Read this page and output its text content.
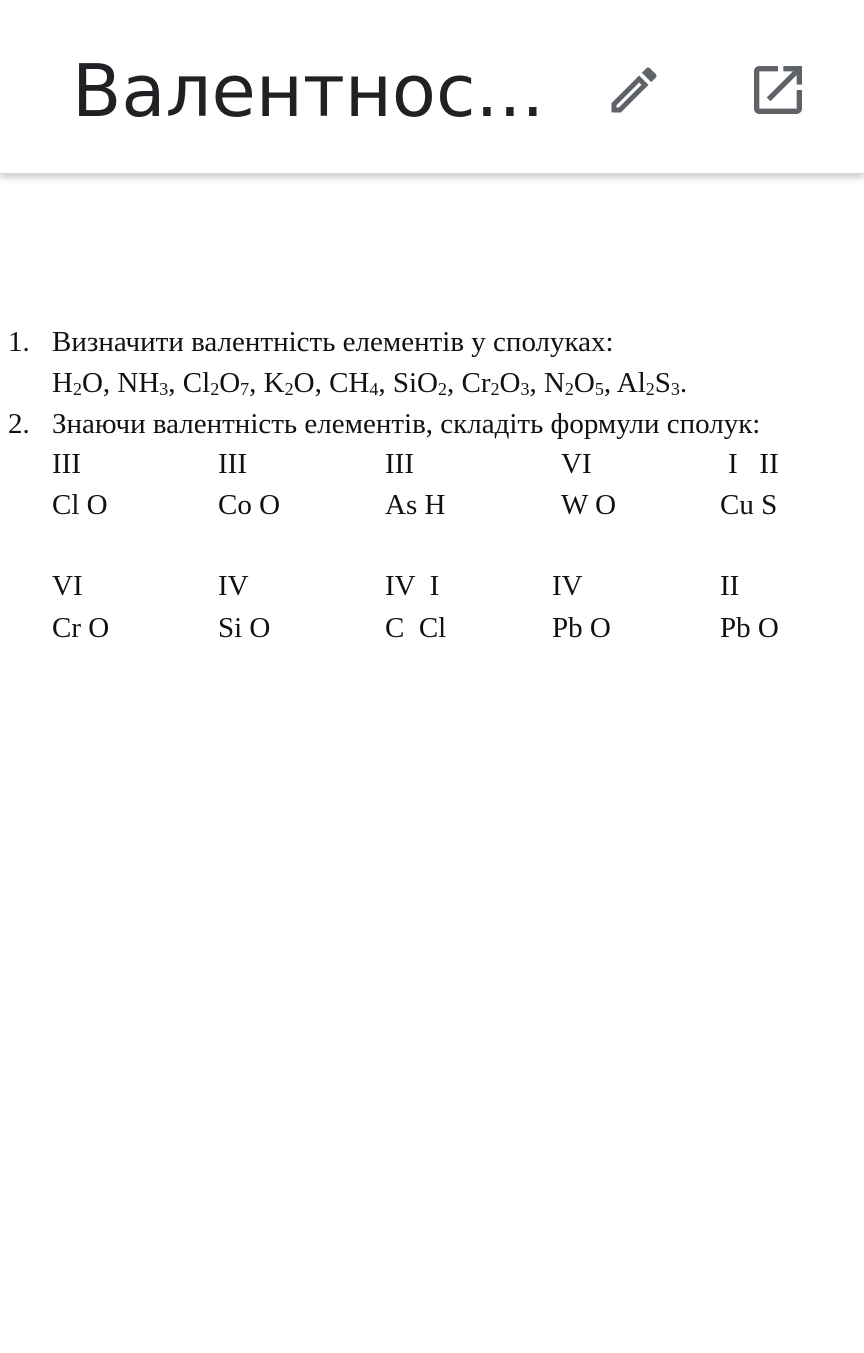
Валентнос...
1. Визначити валентність елементів у сполуках:
$H_2O$, $NH_3$, $Cl_2O_7$, $K_2O$, $CH_4$, SiO$_2$, $Cr_2O_3$, $N_2O_5$, $Al_2S_3$.
2. Знаючи валентність елементів, складіть формули сполук:
III	III	III	VI	I   II
Cl O	Co O	As H	W O	Cu S
VI	IV	IV  I	IV	II
Cr O	Si O	C  Cl	Pb O	Pb O
